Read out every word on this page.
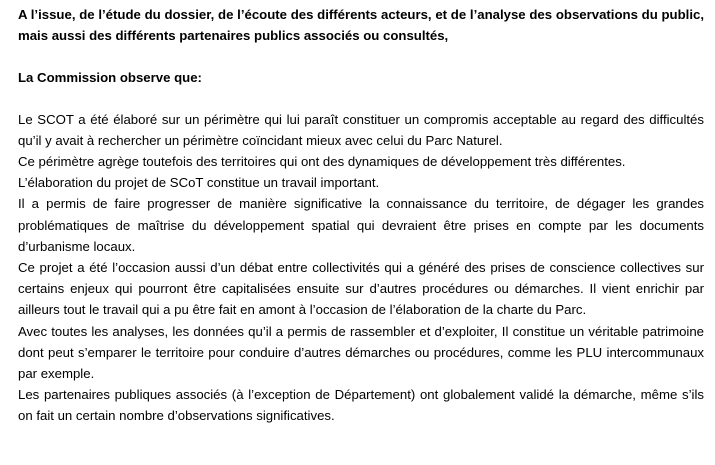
A l’issue, de l’étude du dossier, de l’écoute des différents acteurs, et de l’analyse des observations du public, mais aussi des différents partenaires publics associés ou consultés,

La Commission observe que:

Le SCOT a été élaboré sur un périmètre qui lui paraît constituer un compromis acceptable au regard des difficultés qu’il y avait à rechercher un périmètre coïncidant mieux avec celui du Parc Naturel.

Ce périmètre agrège toutefois des territoires qui ont des dynamiques de développement très différentes.

L’élaboration du projet de SCoT constitue un travail important.

Il a permis de faire progresser de manière significative la connaissance du territoire, de dégager les grandes problématiques de maîtrise du développement spatial qui devraient être prises en compte par les documents d’urbanisme locaux.

Ce projet a été l’occasion aussi d’un débat entre collectivités qui a généré des prises de conscience collectives sur certains enjeux qui pourront être capitalisées ensuite sur d’autres procédures ou démarches. Il vient enrichir par ailleurs tout le travail qui a pu être fait en amont à l’occasion de l’élaboration de la charte du Parc.

Avec toutes les analyses, les données qu’il a permis de rassembler et d’exploiter, Il constitue un véritable patrimoine dont peut s’emparer le territoire pour conduire d’autres démarches ou procédures, comme les PLU intercommunaux par exemple.

Les partenaires publiques associés (à l’exception de Département) ont globalement validé la démarche, même s’ils on fait un certain nombre d’observations significatives.
